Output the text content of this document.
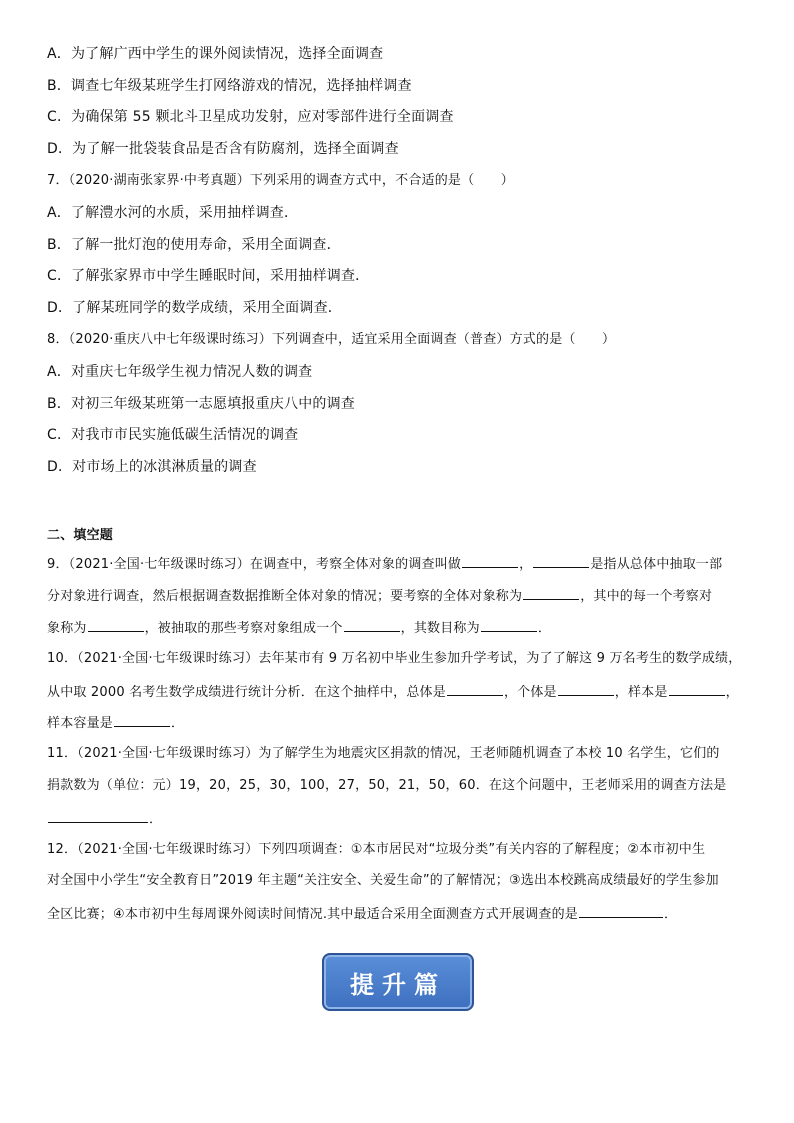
A．为了解广西中学生的课外阅读情况，选择全面调查
B．调查七年级某班学生打网络游戏的情况，选择抽样调查
C．为确保第 55 颗北斗卫星成功发射，应对零部件进行全面调查
D．为了解一批袋装食品是否含有防腐剂，选择全面调查
7．（2020·湖南张家界·中考真题）下列采用的调查方式中，不合适的是（　　）
A．了解澧水河的水质，采用抽样调查．
B．了解一批灯泡的使用寿命，采用全面调查．
C．了解张家界市中学生睡眠时间，采用抽样调查．
D．了解某班同学的数学成绩，采用全面调查．
8．（2020·重庆八中七年级课时练习）下列调查中，适宜采用全面调查（普查）方式的是（　　）
A．对重庆七年级学生视力情况人数的调查
B．对初三年级某班第一志愿填报重庆八中的调查
C．对我市市民实施低碳生活情况的调查
D．对市场上的冰淇淋质量的调查
二、填空题
9．（2021·全国·七年级课时练习）在调查中，考察全体对象的调查叫做	，	是指从总体中抽取一部
分对象进行调查，然后根据调查数据推断全体对象的情况；要考察的全体对象称为	，其中的每一个考察对
象称为	，被抽取的那些考察对象组成一个	，其数目称为	．
10．（2021·全国·七年级课时练习）去年某市有 9 万名初中毕业生参加升学考试，为了了解这 9 万名考生的数学成绩，
从中取 2000 名考生数学成绩进行统计分析．在这个抽样中，总体是	，个体是	，样本是	，
样本容量是	．
11．（2021·全国·七年级课时练习）为了解学生为地震灾区捐款的情况，王老师随机调查了本校 10 名学生，它们的
捐款数为（单位：元）19，20，25，30，100，27，50，21，50，60．在这个问题中，王老师采用的调查方法是
．
12．（2021·全国·七年级课时练习）下列四项调查：①本市居民对“垃圾分类”有关内容的了解程度；②本市初中生
对全国中小学生“安全教育日”2019 年主题“关注安全、关爱生命”的了解情况；③选出本校跳高成绩最好的学生参加
全区比赛；④本市初中生每周课外阅读时间情况.其中最适合采用全面测查方式开展调查的是	．
提升篇
